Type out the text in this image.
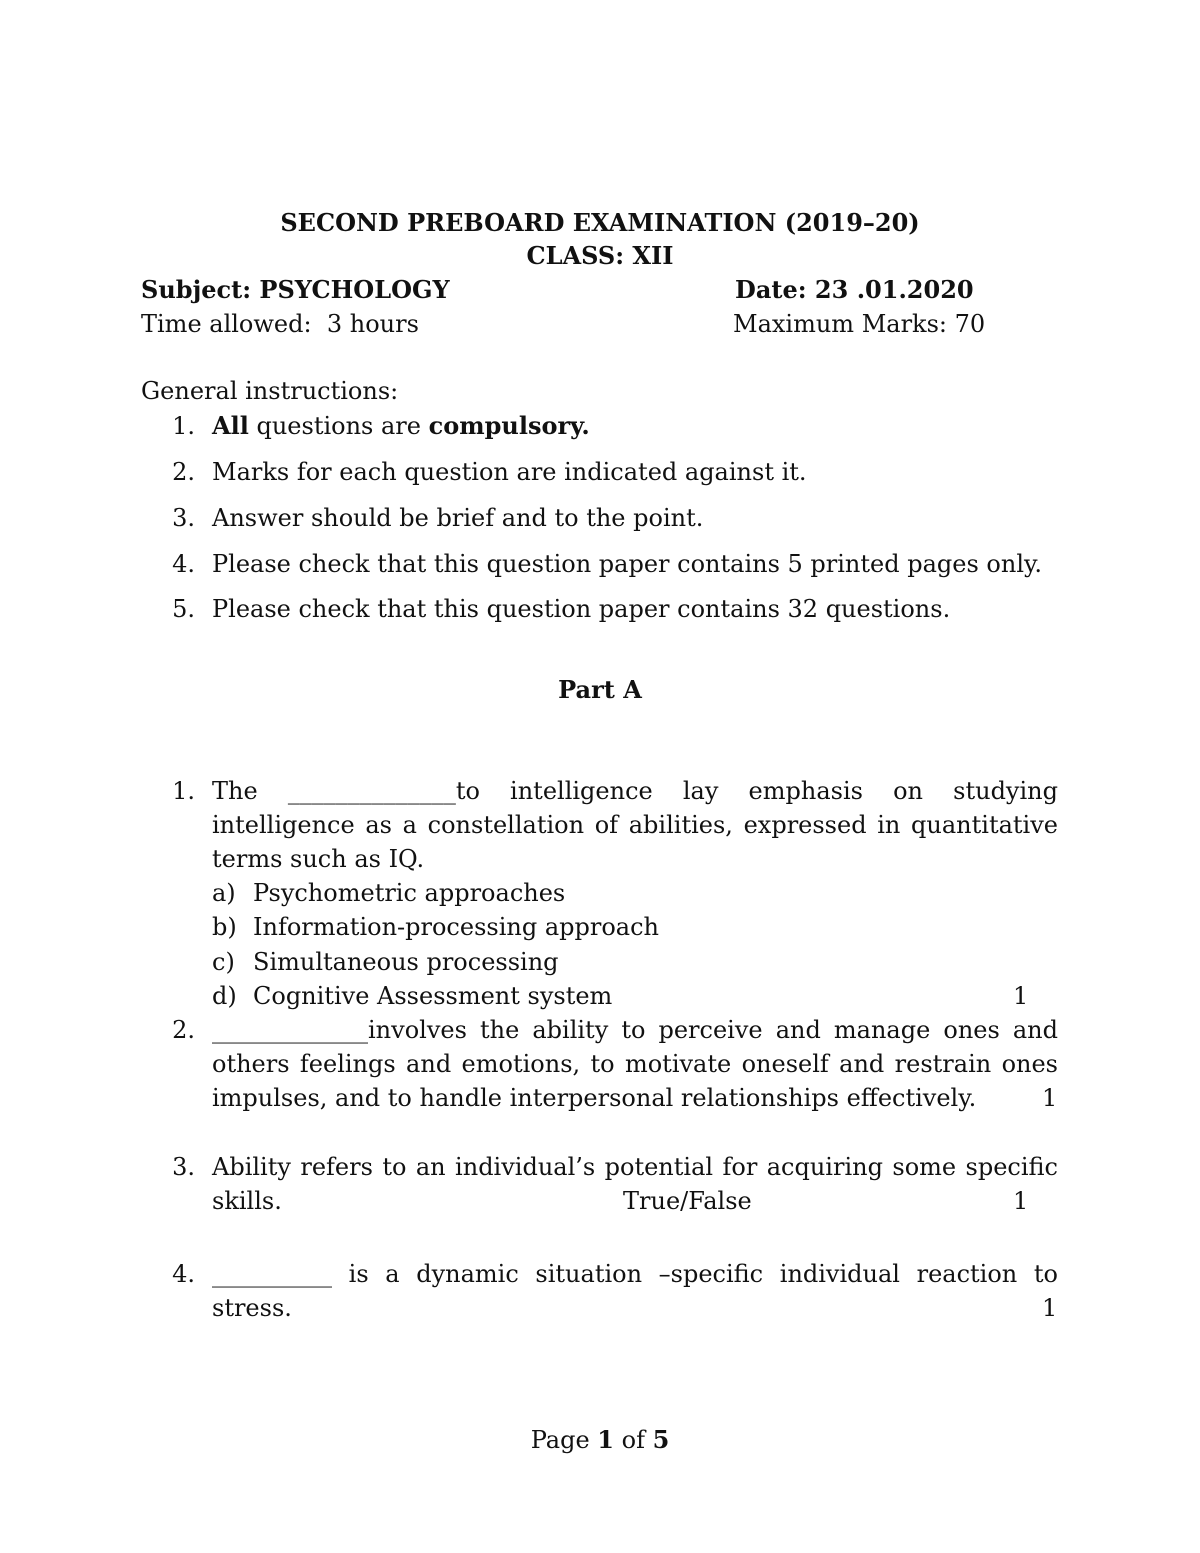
SECOND PREBOARD EXAMINATION (2019–20)
CLASS: XII
Subject: PSYCHOLOGY	Date: 23 .01.2020
Time allowed:  3 hours	Maximum Marks: 70
General instructions:
1. All questions are compulsory.
2. Marks for each question are indicated against it.
3. Answer should be brief and to the point.
4. Please check that this question paper contains 5 printed pages only.
5. Please check that this question paper contains 32 questions.
Part A
1. The ______________to intelligence lay emphasis on studying
intelligence as a constellation of abilities, expressed in quantitative
terms such as IQ.
a) Psychometric approaches
b) Information-processing approach
c) Simultaneous processing
d) Cognitive Assessment system	1
2. _____________involves the ability to perceive and manage ones and
others feelings and emotions, to motivate oneself and restrain ones
impulses, and to handle interpersonal relationships effectively.	1
3. Ability refers to an individual’s potential for acquiring some specific
skills.	True/False	1
4. __________ is a dynamic situation –specific individual reaction to
stress.	1
Page 1 of 5
